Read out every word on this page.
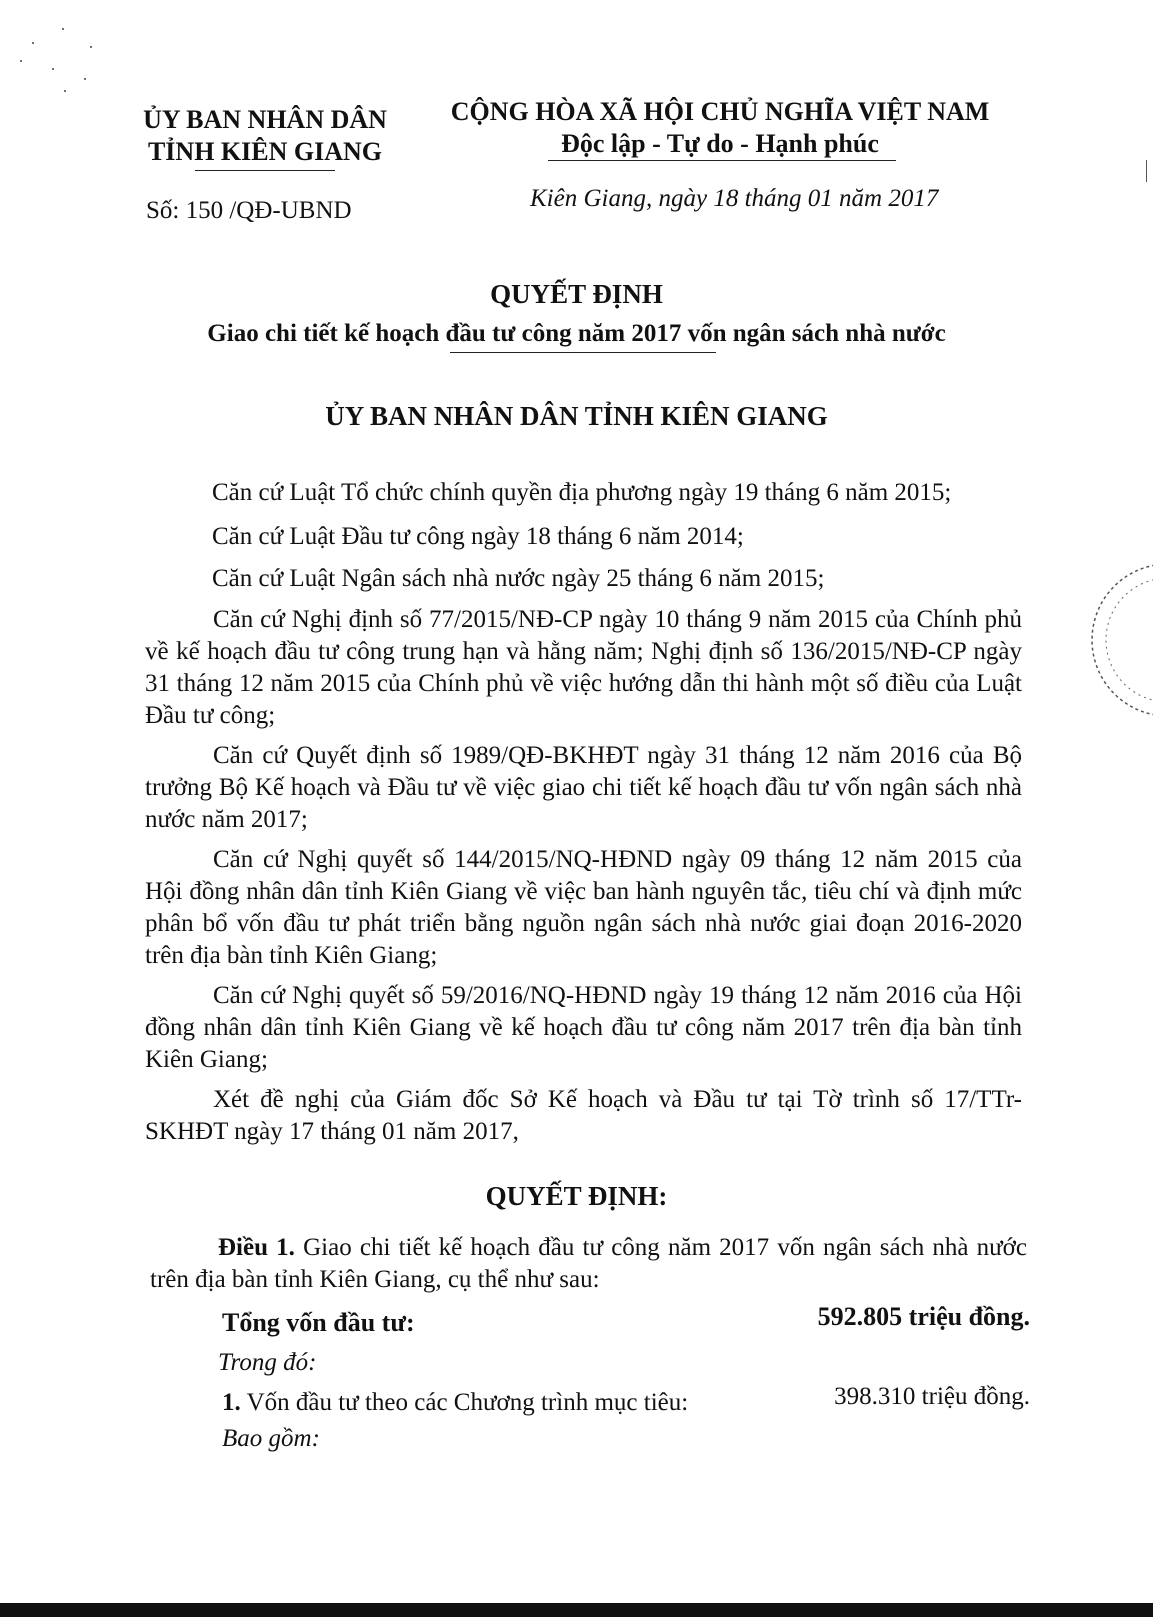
ỦY BAN NHÂN DÂN
TỈNH KIÊN GIANG
CỘNG HÒA XÃ HỘI CHỦ NGHĨA VIỆT NAM
Độc lập - Tự do - Hạnh phúc
Số: 150 /QĐ-UBND	Kiên Giang, ngày 18 tháng 01 năm 2017
QUYẾT ĐỊNH
Giao chi tiết kế hoạch đầu tư công năm 2017 vốn ngân sách nhà nước
ỦY BAN NHÂN DÂN TỈNH KIÊN GIANG
Căn cứ Luật Tổ chức chính quyền địa phương ngày 19 tháng 6 năm 2015;
Căn cứ Luật Đầu tư công ngày 18 tháng 6 năm 2014;
Căn cứ Luật Ngân sách nhà nước ngày 25 tháng 6 năm 2015;

Căn cứ Nghị định số 77/2015/NĐ-CP ngày 10 tháng 9 năm 2015 của Chính phủ về kế hoạch đầu tư công trung hạn và hằng năm; Nghị định số 136/2015/NĐ-CP ngày 31 tháng 12 năm 2015 của Chính phủ về việc hướng dẫn thi hành một số điều của Luật Đầu tư công;

Căn cứ Quyết định số 1989/QĐ-BKHĐT ngày 31 tháng 12 năm 2016 của Bộ trưởng Bộ Kế hoạch và Đầu tư về việc giao chi tiết kế hoạch đầu tư vốn ngân sách nhà nước năm 2017;

Căn cứ Nghị quyết số 144/2015/NQ-HĐND ngày 09 tháng 12 năm 2015 của Hội đồng nhân dân tỉnh Kiên Giang về việc ban hành nguyên tắc, tiêu chí và định mức phân bổ vốn đầu tư phát triển bằng nguồn ngân sách nhà nước giai đoạn 2016-2020 trên địa bàn tỉnh Kiên Giang;

Căn cứ Nghị quyết số 59/2016/NQ-HĐND ngày 19 tháng 12 năm 2016 của Hội đồng nhân dân tỉnh Kiên Giang về kế hoạch đầu tư công năm 2017 trên địa bàn tỉnh Kiên Giang;

Xét đề nghị của Giám đốc Sở Kế hoạch và Đầu tư tại Tờ trình số 17/TTr-SKHĐT ngày 17 tháng 01 năm 2017,

QUYẾT ĐỊNH:

Điều 1. Giao chi tiết kế hoạch đầu tư công năm 2017 vốn ngân sách nhà nước trên địa bàn tỉnh Kiên Giang, cụ thể như sau:

Tổng vốn đầu tư:	592.805 triệu đồng.
Trong đó:
1. Vốn đầu tư theo các Chương trình mục tiêu:	398.310 triệu đồng.
Bao gồm:
